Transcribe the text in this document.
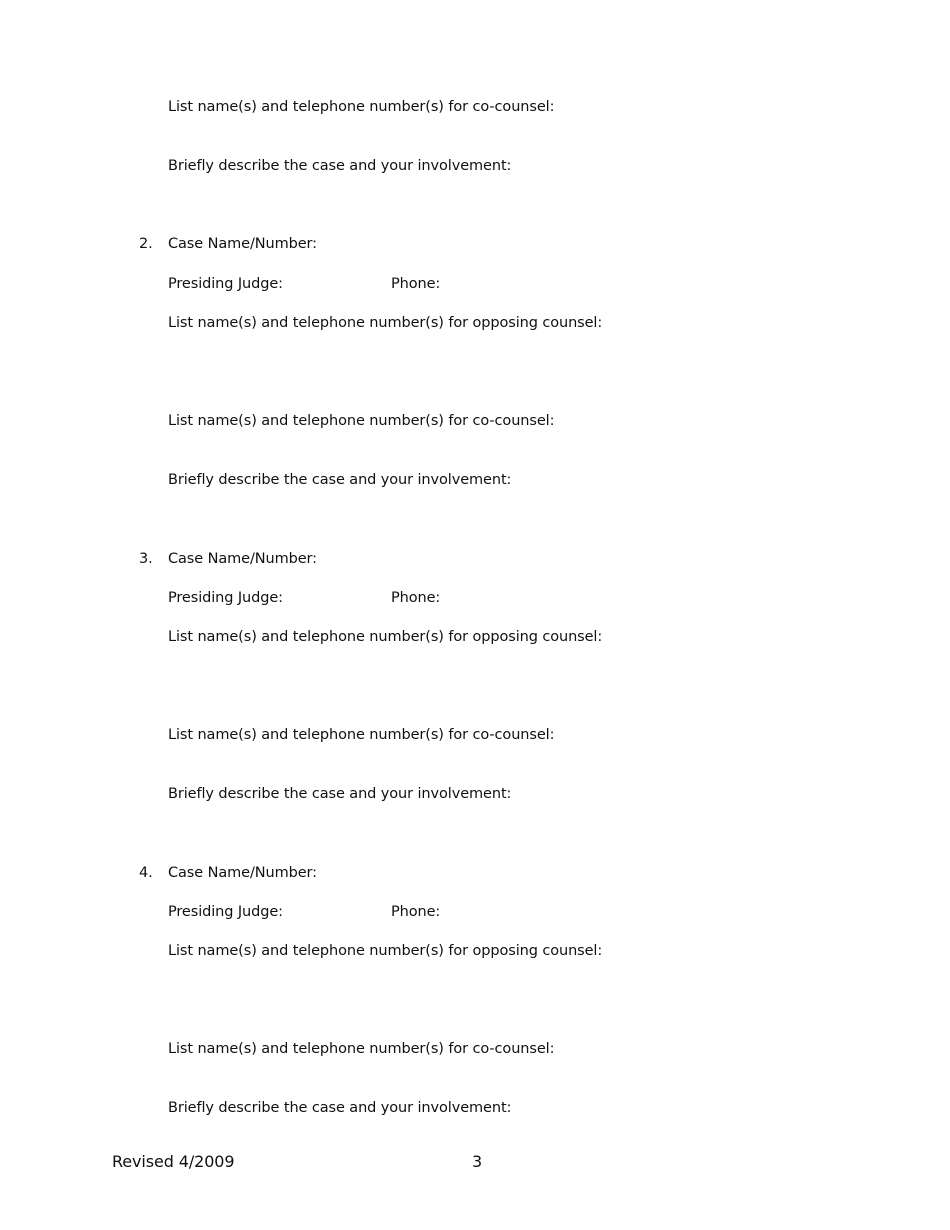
List name(s) and telephone number(s) for co-counsel:
Briefly describe the case and your involvement:
2. Case Name/Number:
Presiding Judge:	Phone:
List name(s) and telephone number(s) for opposing counsel:
List name(s) and telephone number(s) for co-counsel:
Briefly describe the case and your involvement:
3. Case Name/Number:
Presiding Judge:	Phone:
List name(s) and telephone number(s) for opposing counsel:
List name(s) and telephone number(s) for co-counsel:
Briefly describe the case and your involvement:
4. Case Name/Number:
Presiding Judge:	Phone:
List name(s) and telephone number(s) for opposing counsel:
List name(s) and telephone number(s) for co-counsel:
Briefly describe the case and your involvement:
Revised 4/2009	3
